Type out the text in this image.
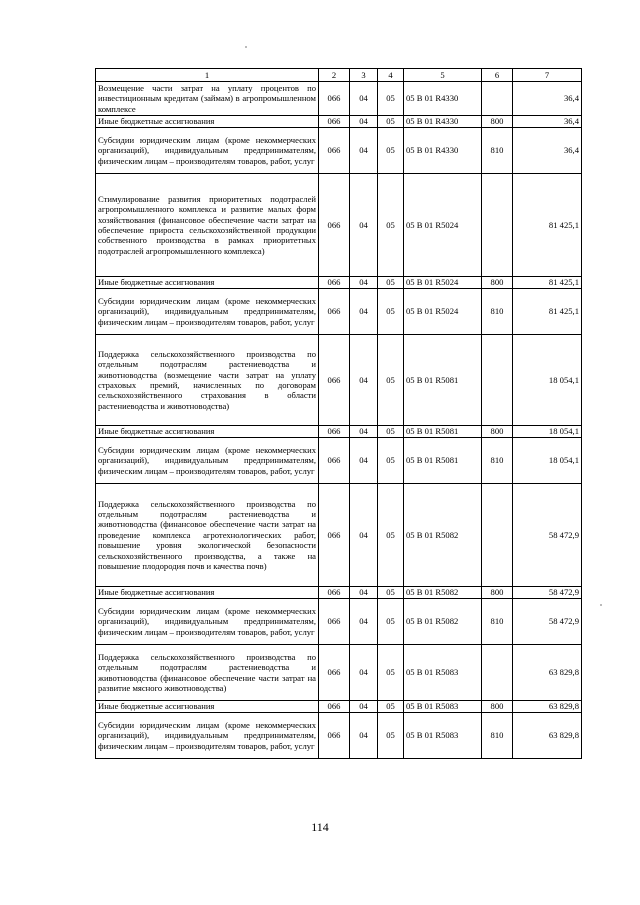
1	2	3	4	5	6	7
Возмещение части затрат на уплату процентов по инвестиционным кредитам (займам) в агропромышленном комплексе	066	04	05	05 В 01 R4330		36,4
Иные бюджетные ассигнования	066	04	05	05 В 01 R4330	800	36,4
Субсидии юридическим лицам (кроме некоммерческих организаций), индивидуальным предпринимателям, физическим лицам – производителям товаров, работ, услуг	066	04	05	05 В 01 R4330	810	36,4
Стимулирование развития приоритетных подотраслей агропромышленного комплекса и развитие малых форм хозяйствования (финансовое обеспечение части затрат на обеспечение прироста сельскохозяйственной продукции собственного производства в рамках приоритетных подотраслей агропромышленного комплекса)	066	04	05	05 В 01 R5024		81 425,1
Иные бюджетные ассигнования	066	04	05	05 В 01 R5024	800	81 425,1
Субсидии юридическим лицам (кроме некоммерческих организаций), индивидуальным предпринимателям, физическим лицам – производителям товаров, работ, услуг	066	04	05	05 В 01 R5024	810	81 425,1
Поддержка сельскохозяйственного производства по отдельным подотраслям растениеводства и животноводства (возмещение части затрат на уплату страховых премий, начисленных по договорам сельскохозяйственного страхования в области растениеводства и животноводства)	066	04	05	05 В 01 R5081		18 054,1
Иные бюджетные ассигнования	066	04	05	05 В 01 R5081	800	18 054,1
Субсидии юридическим лицам (кроме некоммерческих организаций), индивидуальным предпринимателям, физическим лицам – производителям товаров, работ, услуг	066	04	05	05 В 01 R5081	810	18 054,1
Поддержка сельскохозяйственного производства по отдельным подотраслям растениеводства и животноводства (финансовое обеспечение части затрат на проведение комплекса агротехнологических работ, повышение уровня экологической безопасности сельскохозяйственного производства, а также на повышение плодородия почв и качества почв)	066	04	05	05 В 01 R5082		58 472,9
Иные бюджетные ассигнования	066	04	05	05 В 01 R5082	800	58 472,9
Субсидии юридическим лицам (кроме некоммерческих организаций), индивидуальным предпринимателям, физическим лицам – производителям товаров, работ, услуг	066	04	05	05 В 01 R5082	810	58 472,9
Поддержка сельскохозяйственного производства по отдельным подотраслям растениеводства и животноводства (финансовое обеспечение части затрат на развитие мясного животноводства)	066	04	05	05 В 01 R5083		63 829,8
Иные бюджетные ассигнования	066	04	05	05 В 01 R5083	800	63 829,8
Субсидии юридическим лицам (кроме некоммерческих организаций), индивидуальным предпринимателям, физическим лицам – производителям товаров, работ, услуг	066	04	05	05 В 01 R5083	810	63 829,8
114
